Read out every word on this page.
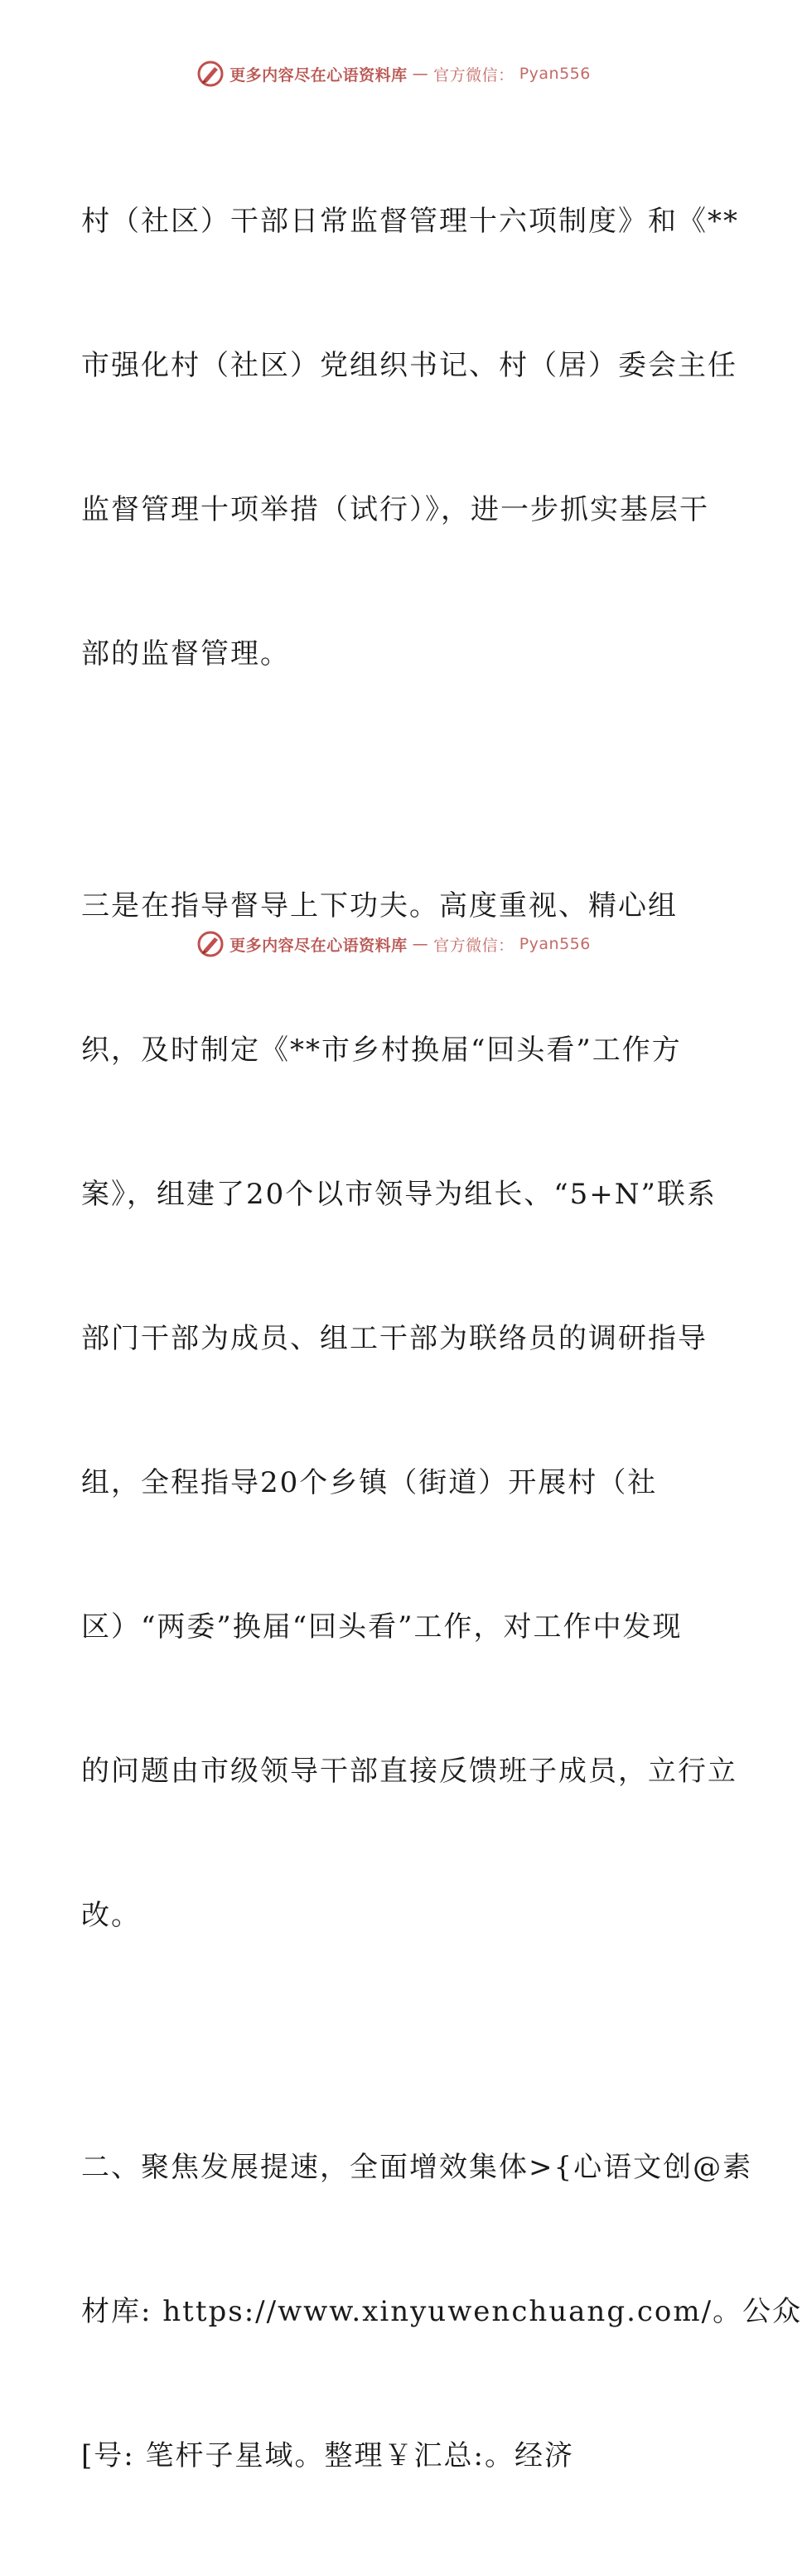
更多内容尽在心语资料库 — 官方微信： Pyan556

村（社区）干部日常监督管理十六项制度》和《**

市强化村（社区）党组织书记、村（居）委会主任

监督管理十项举措（试行）》，进一步抓实基层干

部的监督管理。

三是在指导督导上下功夫。高度重视、精心组

织，及时制定《**市乡村换届“回头看”工作方

案》，组建了20个以市领导为组长、“5+N”联系

部门干部为成员、组工干部为联络员的调研指导

组，全程指导20个乡镇（街道）开展村（社

区）“两委”换届“回头看”工作，对工作中发现

的问题由市级领导干部直接反馈班子成员，立行立

改。

二、聚焦发展提速，全面增效集体>{心语文创@素

材库: https://www.xinyuwenchuang.com/。公众

[号: 笔杆子星域。整理￥汇总:。经济

更多内容尽在心语资料库 — 官方微信： Pyan556
